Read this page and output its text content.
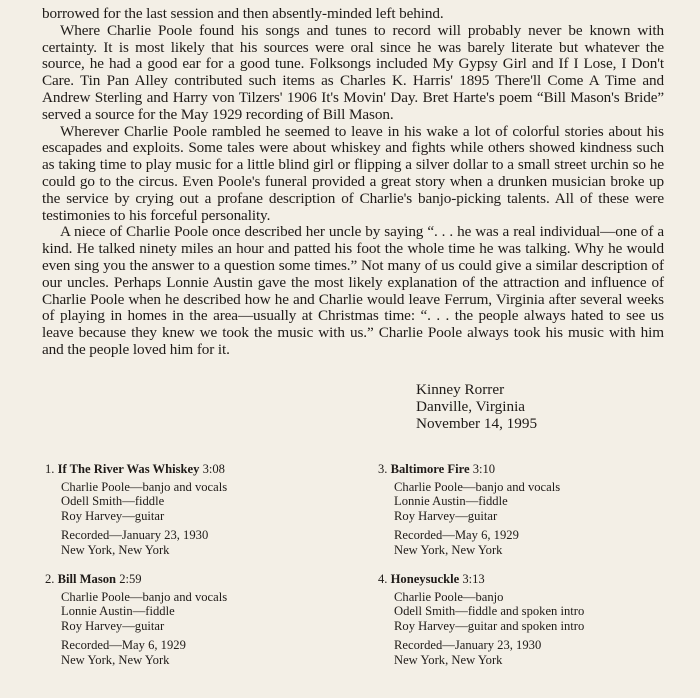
borrowed for the last session and then absently-minded left behind.

Where Charlie Poole found his songs and tunes to record will probably never be known with certainty. It is most likely that his sources were oral since he was barely literate but whatever the source, he had a good ear for a good tune. Folksongs included My Gypsy Girl and If I Lose, I Don't Care. Tin Pan Alley contributed such items as Charles K. Harris' 1895 There'll Come A Time and Andrew Sterling and Harry von Tilzers' 1906 It's Movin' Day. Bret Harte's poem “Bill Mason's Bride” served a source for the May 1929 recording of Bill Mason.

Wherever Charlie Poole rambled he seemed to leave in his wake a lot of colorful stories about his escapades and exploits. Some tales were about whiskey and fights while others showed kindness such as taking time to play music for a little blind girl or flipping a silver dollar to a small street urchin so he could go to the circus. Even Poole's funeral provided a great story when a drunken musician broke up the service by crying out a profane description of Charlie's banjo-picking talents. All of these were testimonies to his forceful personality.

A niece of Charlie Poole once described her uncle by saying “. . . he was a real individual—one of a kind. He talked ninety miles an hour and patted his foot the whole time he was talking. Why he would even sing you the answer to a question some times.” Not many of us could give a similar description of our uncles. Perhaps Lonnie Austin gave the most likely explanation of the attraction and influence of Charlie Poole when he described how he and Charlie would leave Ferrum, Virginia after several weeks of playing in homes in the area—usually at Christmas time: “. . . the people always hated to see us leave because they knew we took the music with us.” Charlie Poole always took his music with him and the people loved him for it.

Kinney Rorrer
Danville, Virginia
November 14, 1995
1. If The River Was Whiskey 3:08
Charlie Poole—banjo and vocals
Odell Smith—fiddle
Roy Harvey—guitar
Recorded—January 23, 1930
New York, New York
2. Bill Mason 2:59
Charlie Poole—banjo and vocals
Lonnie Austin—fiddle
Roy Harvey—guitar
Recorded—May 6, 1929
New York, New York
3. Baltimore Fire 3:10
Charlie Poole—banjo and vocals
Lonnie Austin—fiddle
Roy Harvey—guitar
Recorded—May 6, 1929
New York, New York
4. Honeysuckle 3:13
Charlie Poole—banjo
Odell Smith—fiddle and spoken intro
Roy Harvey—guitar and spoken intro
Recorded—January 23, 1930
New York, New York
